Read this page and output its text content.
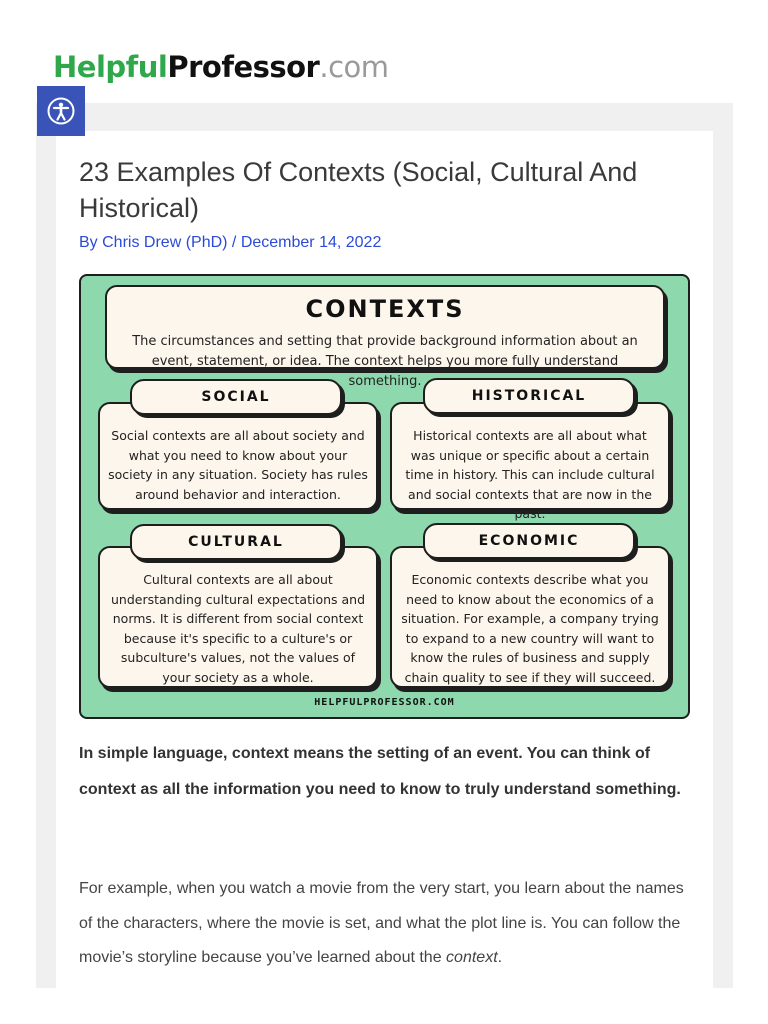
HelpfulProfessor.com
23 Examples Of Contexts (Social, Cultural And Historical)
By Chris Drew (PhD) / December 14, 2022
CONTEXTS
The circumstances and setting that provide background information about an event, statement, or idea. The context helps you more fully understand something.
Social contexts are all about society and what you need to know about your society in any situation. Society has rules around behavior and interaction.
SOCIAL
Historical contexts are all about what was unique or specific about a certain time in history. This can include cultural and social contexts that are now in the past.
HISTORICAL
Cultural contexts are all about understanding cultural expectations and norms. It is different from social context because it's specific to a culture's or subculture's values, not the values of your society as a whole.
CULTURAL
Economic contexts describe what you need to know about the economics of a situation. For example, a company trying to expand to a new country will want to know the rules of business and supply chain quality to see if they will succeed.
ECONOMIC
HELPFULPROFESSOR.COM

In simple language, context means the setting of an event. You can think of context as all the information you need to know to truly understand something.

For example, when you watch a movie from the very start, you learn about the names of the characters, where the movie is set, and what the plot line is. You can follow the movie’s storyline because you’ve learned about the context.
